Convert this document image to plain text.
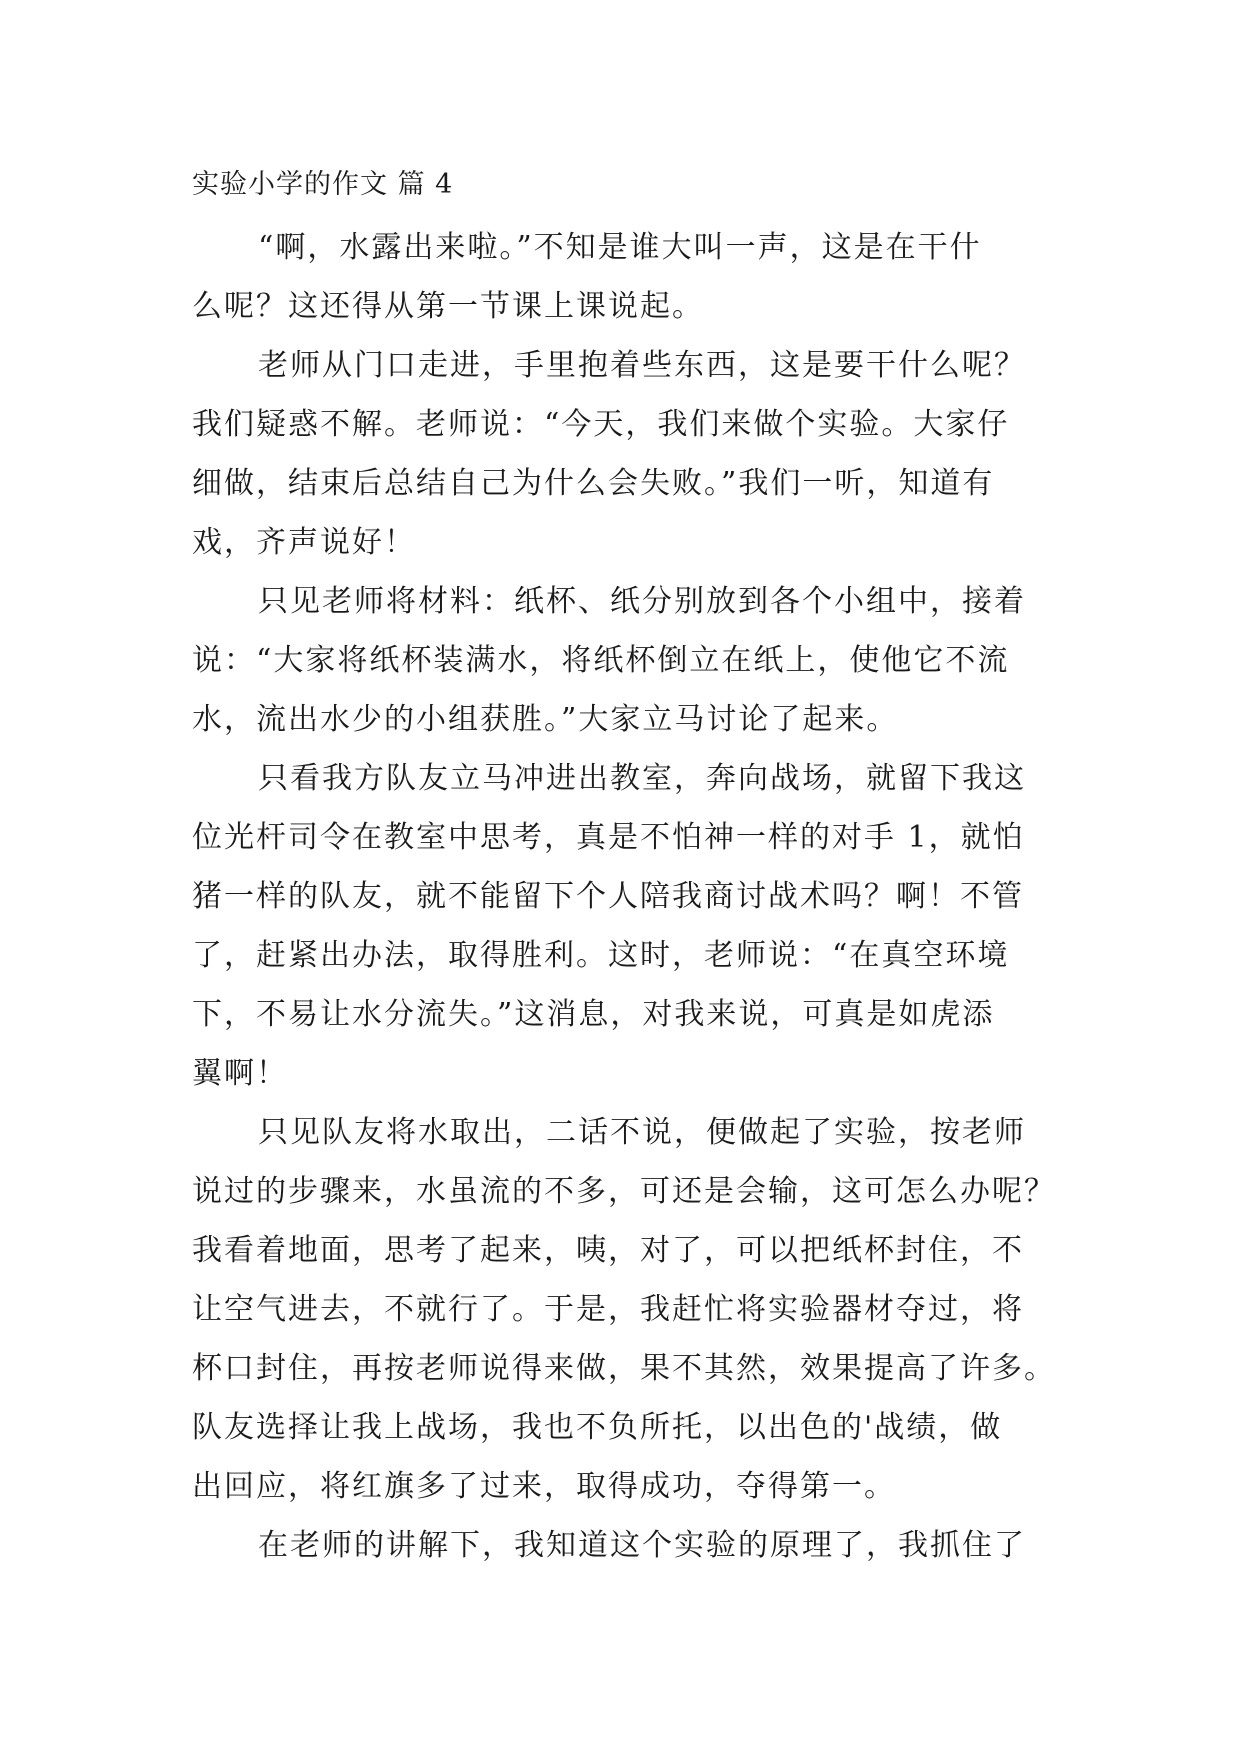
实验小学的作文 篇 4
“啊，水露出来啦。”不知是谁大叫一声，这是在干什
么呢？这还得从第一节课上课说起。
老师从门口走进，手里抱着些东西，这是要干什么呢？
我们疑惑不解。老师说：“今天，我们来做个实验。大家仔
细做，结束后总结自己为什么会失败。”我们一听，知道有
戏，齐声说好！
只见老师将材料：纸杯、纸分别放到各个小组中，接着
说：“大家将纸杯装满水，将纸杯倒立在纸上，使他它不流
水，流出水少的小组获胜。”大家立马讨论了起来。
只看我方队友立马冲进出教室，奔向战场，就留下我这
位光杆司令在教室中思考，真是不怕神一样的对手 1，就怕
猪一样的队友，就不能留下个人陪我商讨战术吗？啊！不管
了，赶紧出办法，取得胜利。这时，老师说：“在真空环境
下，不易让水分流失。”这消息，对我来说，可真是如虎添
翼啊！
只见队友将水取出，二话不说，便做起了实验，按老师
说过的步骤来，水虽流的不多，可还是会输，这可怎么办呢？
我看着地面，思考了起来，咦，对了，可以把纸杯封住，不
让空气进去，不就行了。于是，我赶忙将实验器材夺过，将
杯口封住，再按老师说得来做，果不其然，效果提高了许多。
队友选择让我上战场，我也不负所托，以出色的'战绩，做
出回应，将红旗多了过来，取得成功，夺得第一。
在老师的讲解下，我知道这个实验的原理了，我抓住了
